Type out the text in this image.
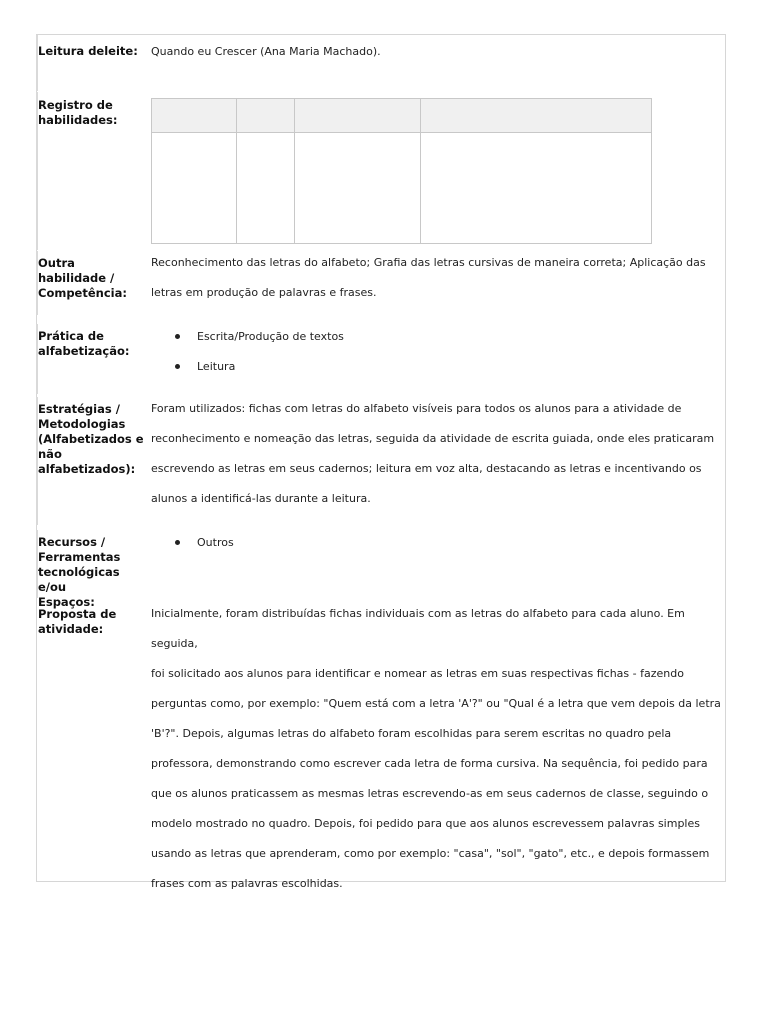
Leitura deleite:	Quando eu Crescer (Ana Maria Machado).
Registro de
habilidades:

Outra habilidade /
Competência:
Reconhecimento das letras do alfabeto; Grafia das letras cursivas de maneira correta; Aplicação das
letras em produção de palavras e frases.
Prática de
alfabetização:
Escrita/Produção de textos
Leitura
Estratégias /
Metodologias
(Alfabetizados e
não alfabetizados):
Foram utilizados: fichas com letras do alfabeto visíveis para todos os alunos para a atividade de
reconhecimento e nomeação das letras, seguida da atividade de escrita guiada, onde eles praticaram
escrevendo as letras em seus cadernos; leitura em voz alta, destacando as letras e incentivando os
alunos a identificá-las durante a leitura.
Recursos /
Ferramentas
tecnológicas e/ou
Espaços:
Outros
Proposta de
atividade:
Inicialmente, foram distribuídas fichas individuais com as letras do alfabeto para cada aluno. Em seguida,
foi solicitado aos alunos para identificar e nomear as letras em suas respectivas fichas - fazendo
perguntas como, por exemplo: "Quem está com a letra 'A'?" ou "Qual é a letra que vem depois da letra
'B'?". Depois, algumas letras do alfabeto foram escolhidas para serem escritas no quadro pela
professora, demonstrando como escrever cada letra de forma cursiva. Na sequência, foi pedido para
que os alunos praticassem as mesmas letras escrevendo-as em seus cadernos de classe, seguindo o
modelo mostrado no quadro. Depois, foi pedido para que aos alunos escrevessem palavras simples
usando as letras que aprenderam, como por exemplo: "casa", "sol", "gato", etc., e depois formassem
frases com as palavras escolhidas.
